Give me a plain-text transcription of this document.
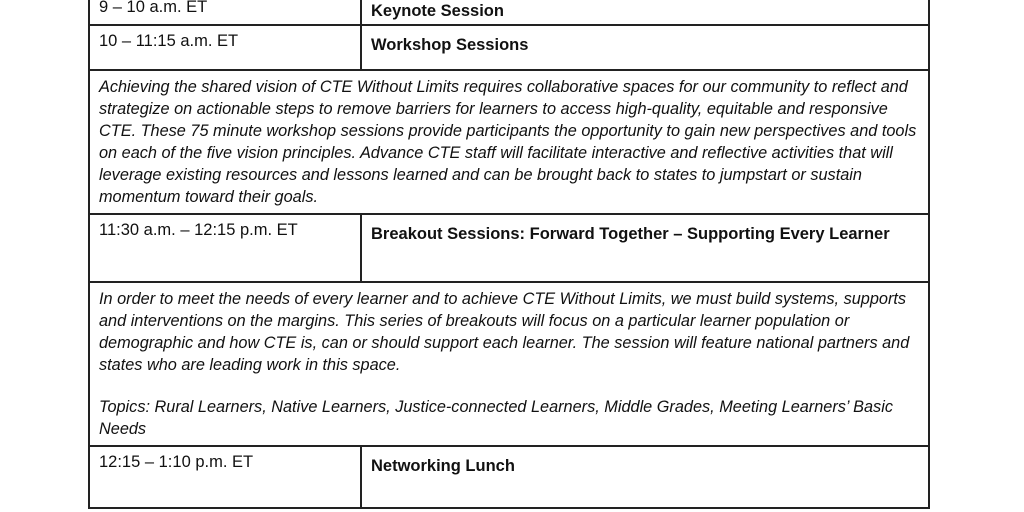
9 – 10 a.m. ET	Keynote Session

10 – 11:15 a.m. ET	Workshop Sessions

Achieving the shared vision of CTE Without Limits requires collaborative spaces for our community to reflect and strategize on actionable steps to remove barriers for learners to access high-quality, equitable and responsive CTE. These 75 minute workshop sessions provide participants the opportunity to gain new perspectives and tools on each of the five vision principles. Advance CTE staff will facilitate interactive and reflective activities that will leverage existing resources and lessons learned and can be brought back to states to jumpstart or sustain momentum toward their goals.	

11:30 a.m. – 12:15 p.m. ET	Breakout Sessions: Forward Together – Supporting Every Learner

In order to meet the needs of every learner and to achieve CTE Without Limits, we must build systems, supports and interventions on the margins. This series of breakouts will focus on a particular learner population or demographic and how CTE is, can or should support each learner. The session will feature national partners and states who are leading work in this space.

Topics: Rural Learners, Native Learners, Justice-connected Learners, Middle Grades, Meeting Learners’ Basic Needs	

12:15 – 1:10 p.m. ET	Networking Lunch
